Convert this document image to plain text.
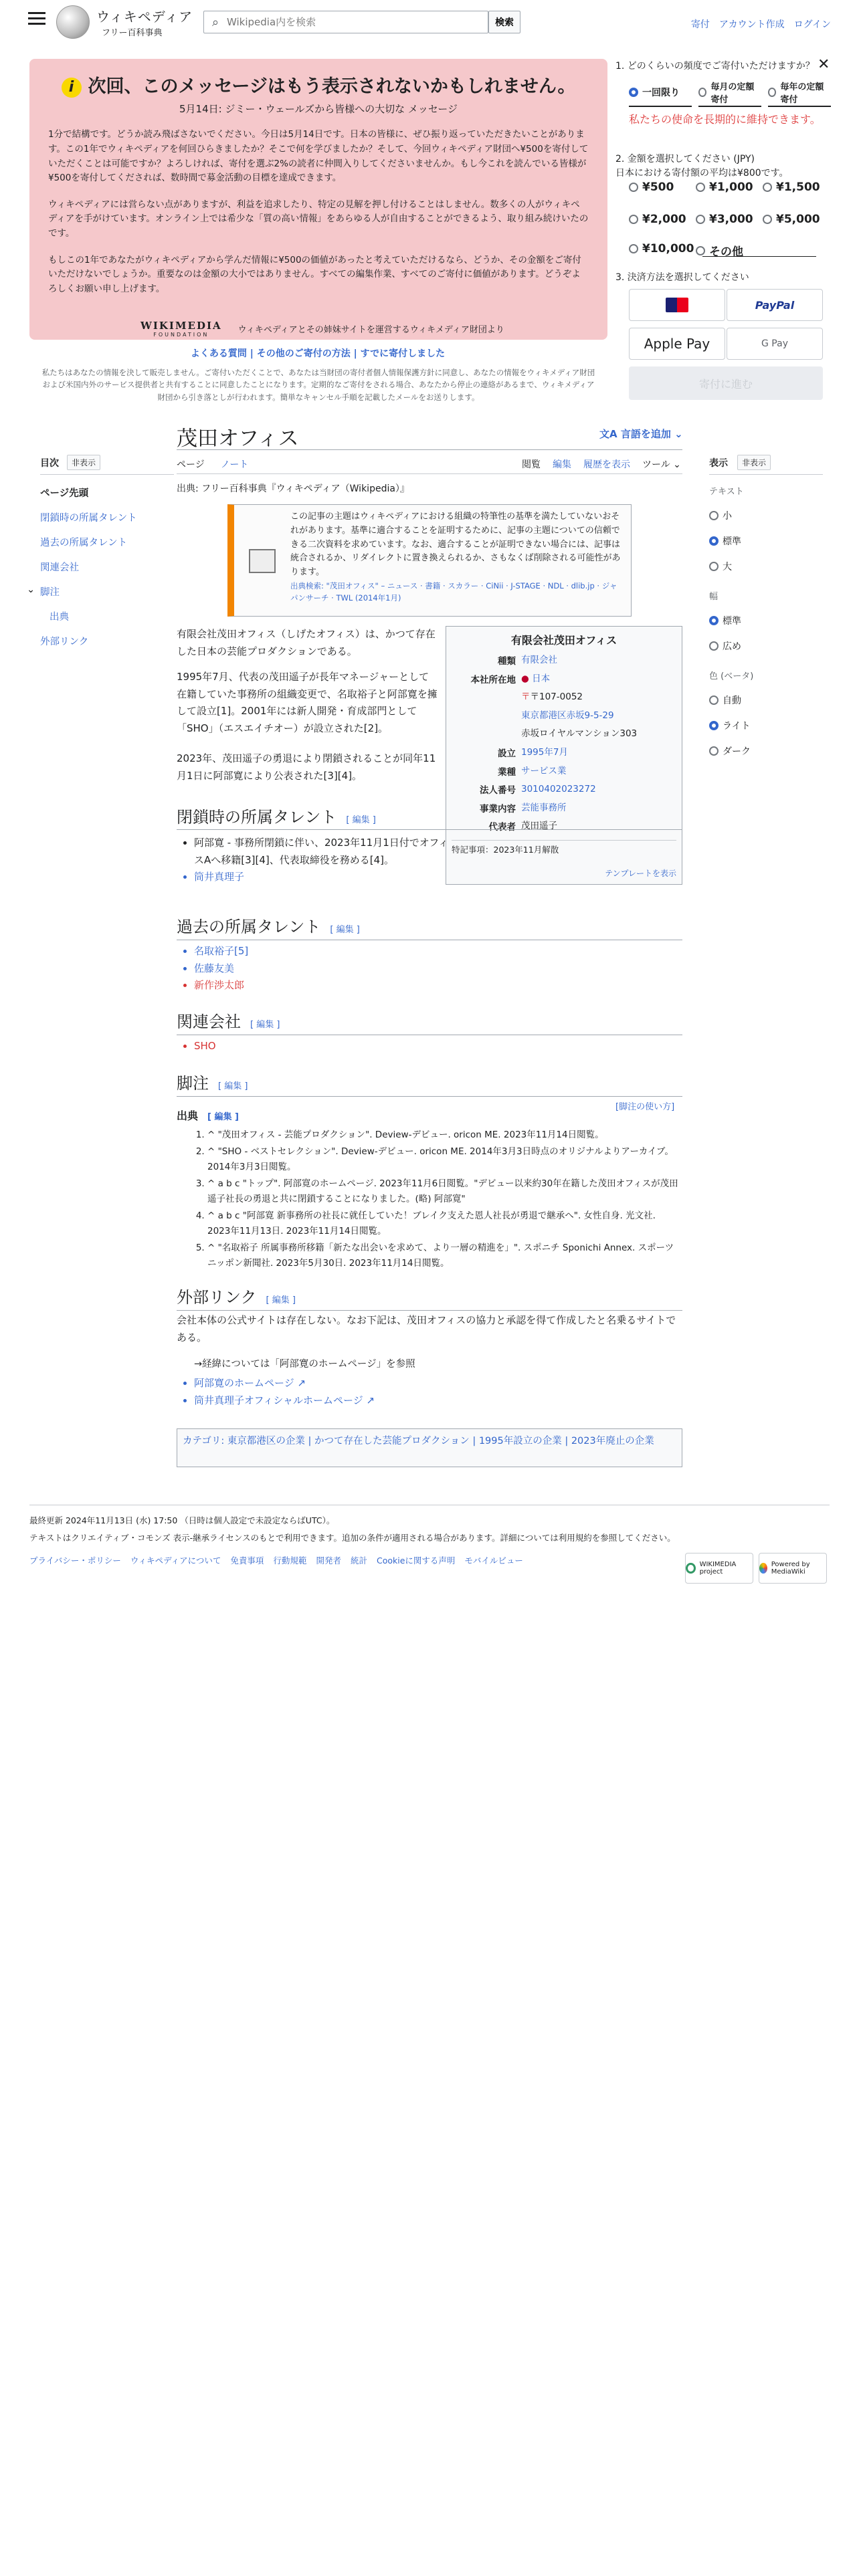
ウィキペディア
フリー百科事典
⌕
Wikipedia内を検索	検索	寄付 アカウント作成 ログイン
i 次回、このメッセージはもう表示されないかもしれません。
5月14日: ジミー・ウェールズから皆様への大切な メッセージ

1分で結構です。どうか読み飛ばさないでください。今日は5月14日です。日本の皆様に、ぜひ振り返っていただきたいことがあります。この1年でウィキペディアを何回ひらきましたか？そこで何を学びましたか？そして、今回ウィキペディア財団へ¥500を寄付していただくことは可能ですか？よろしければ、寄付を選ぶ2%の読者に仲間入りしてくださいませんか。もし今これを読んでいる皆様が¥500を寄付してくだされば、数時間で募金活動の目標を達成できます。

ウィキペディアには営らない点がありますが、利益を追求したり、特定の見解を押し付けることはしません。数多くの人がウィキペディアを手がけています。オンライン上では希少な「質の高い情報」をあらゆる人が自由することができるよう、取り組み続けいたのです。

もしこの1年であなたがウィキペディアから学んだ情報に¥500の価値があったと考えていただけるなら、どうか、その金額をご寄付いただけないでしょうか。重要なのは金額の大小ではありません。すべての編集作業、すべてのご寄付に価値があります。どうぞよろしくお願い申し上げます。

WIKIMEDIA
FOUNDATION	ウィキペディアとその姉妹サイトを運営するウィキメディア財団より
よくある質問 | その他のご寄付の方法 | すでに寄付しました
私たちはあなたの情報を決して販売しません。ご寄付いただくことで、あなたは当財団の寄付者個人情報保護方針に同意し、あなたの情報をウィキメディア財団
および米国内外のサービス提供者と共有することに同意したことになります。定期的なご寄付をされる場合、あなたから停止の連絡があるまで、ウィキメディア
財団から引き落としが行われます。簡単なキャンセル手順を記載したメールをお送りします。
1. どのくらいの頻度でご寄付いただけますか？ ✕
一回限り
毎月の定額寄付
毎年の定額寄付
私たちの使命を長期的に維持できます。
2. 金額を選択してください (JPY)
日本における寄付額の平均は¥800です。
¥500	¥1,000 ¥1,500
¥2,000 ¥3,000 ¥5,000
¥10,000 その他
3. 決済方法を選択してください
PayPal
Apple Pay	G Pay
寄付に進む
目次	非表示
ページ先頭
閉鎖時の所属タレント
過去の所属タレント
関連会社
⌄ 脚注
出典
外部リンク
茂田オフィス	文A 言語を追加 ⌄
ページ ノート	閲覧 編集 履歴を表示 ツール ⌄
出典: フリー百科事典『ウィキペディア（Wikipedia）』
この記事の主題はウィキペディアにおける組織の特筆性の基準を満たしていないおそれがあります。基準に適合することを証明するために、記事の主題についての信頼できる二次資料を求めています。なお、適合することが証明できない場合には、記事は統合されるか、リダイレクトに置き換えられるか、さもなくば削除される可能性があります。
出典検索: "茂田オフィス" – ニュース · 書籍 · スカラー · CiNii · J-STAGE · NDL · dlib.jp · ジャパンサーチ · TWL (2014年1月)

有限会社茂田オフィス（しげたオフィス）は、かつて存在した日本の芸能プロダクションである。

1995年7月、代表の茂田遥子が長年マネージャーとして在籍していた事務所の組織変更で、名取裕子と阿部寛を擁して設立[1]。2001年には新人開発・育成部門として「SHO」（エスエイチオー）が設立された[2]。

2023年、茂田遥子の勇退により閉鎖されることが同年11月1日に阿部寛により公表された[3][4]。

有限会社茂田オフィス
種類	有限会社
本社所在地	● 日本
	〒〒107-0052
	東京都港区赤坂9-5-29
	赤坂ロイヤルマンション303
設立	1995年7月
業種	サービス業
法人番号	3010402023272
事業内容	芸能事務所
代表者	茂田遥子
特記事項：2023年11月解散
テンプレートを表示
閉鎖時の所属タレント [ 編集 ]
• 阿部寛 - 事務所閉鎖に伴い、2023年11月1日付でオフィスAへ移籍[3][4]、代表取締役を務める[4]。
• 筒井真理子
過去の所属タレント [ 編集 ]
• 名取裕子[5]
• 佐藤友美
• 新作渉太郎
関連会社 [ 編集 ]
• SHO
脚注 [ 編集 ]
[脚注の使い方]
出典 [ 編集 ]
1. ^ "茂田オフィス - 芸能プロダクション". Deview-デビュー. oricon ME. 2023年11月14日閲覧。
2. ^ "SHO - ベストセレクション". Deview-デビュー. oricon ME. 2014年3月3日時点のオリジナルよりアーカイブ。2014年3月3日閲覧。
3. ^ a b c "トップ". 阿部寛のホームページ. 2023年11月6日閲覧。"デビュー以来約30年在籍した茂田オフィスが茂田遥子社長の勇退と共に閉鎖することになりました。(略) 阿部寛"
4. ^ a b c "阿部寛 新事務所の社長に就任していた！ブレイク支えた恩人社長が勇退で継承へ". 女性自身. 光文社. 2023年11月13日. 2023年11月14日閲覧。
5. ^ "名取裕子 所属事務所移籍「新たな出会いを求めて、より一層の精進を」". スポニチ Sponichi Annex. スポーツニッポン新聞社. 2023年5月30日. 2023年11月14日閲覧。
外部リンク [ 編集 ]

会社本体の公式サイトは存在しない。なお下記は、茂田オフィスの協力と承認を得て作成したと名乗るサイトである。

→経緯については「阿部寛のホームページ」を参照
• 阿部寛のホームページ ↗
• 筒井真理子オフィシャルホームページ ↗
カテゴリ: 東京都港区の企業 | かつて存在した芸能プロダクション | 1995年設立の企業 | 2023年廃止の企業
表示	非表示
テキスト
小
標準
大
幅
標準
広め
色 (ベータ)
自動
ライト
ダーク
最終更新 2024年11月13日 (水) 17:50 （日時は個人設定で未設定ならばUTC）。
テキストはクリエイティブ・コモンズ 表示-継承ライセンスのもとで利用できます。追加の条件が適用される場合があります。詳細については利用規約を参照してください。
プライバシー・ポリシー ウィキペディアについて 免責事項 行動規範 開発者 統計 Cookieに関する声明 モバイルビュー	WIKIMEDIA project
Powered by MediaWiki
